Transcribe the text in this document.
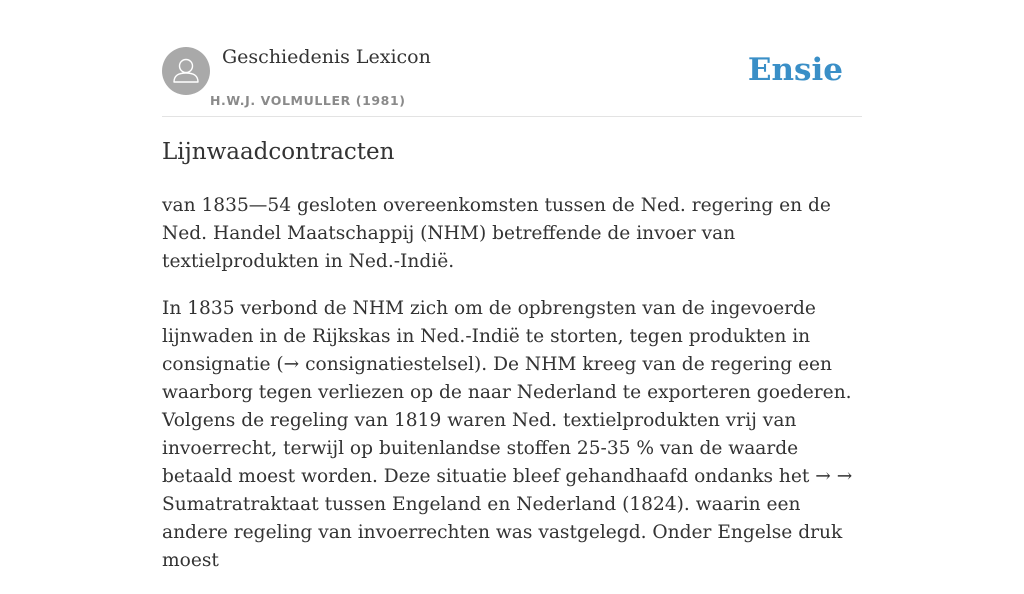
Geschiedenis Lexicon
H.W.J. VOLMULLER (1981)
Ensie
Lijnwaadcontracten

van 1835—54 gesloten overeenkomsten tussen de Ned. regering en de Ned. Handel Maatschappij (NHM) betreffende de invoer van textielprodukten in Ned.-Indië.

In 1835 verbond de NHM zich om de opbrengsten van de ingevoerde lijnwaden in de Rijkskas in Ned.-Indië te storten, tegen produkten in consignatie (→ consignatiestelsel). De NHM kreeg van de regering een waarborg tegen verliezen op de naar Nederland te exporteren goederen. Volgens de regeling van 1819 waren Ned. textielprodukten vrij van invoerrecht, terwijl op buitenlandse stoffen 25-35 % van de waarde betaald moest worden. Deze situatie bleef gehandhaafd ondanks het → → Sumatratraktaat tussen Engeland en Nederland (1824). waarin een andere regeling van invoerrechten was vastgelegd. Onder Engelse druk moest
